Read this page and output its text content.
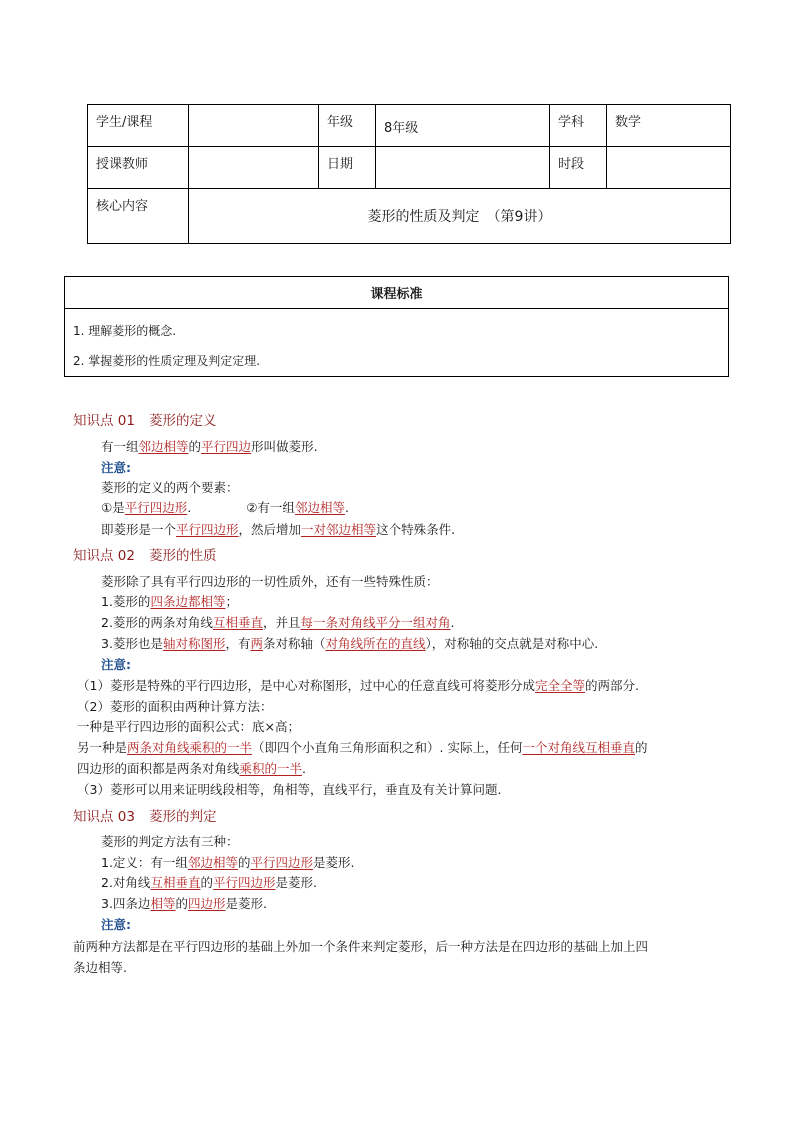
学生/课程		年级	8年级	学科	数学
授课教师		日期		时段	
核心内容	菱形的性质及判定　（第9讲）				
课程标准

1. 理解菱形的概念.
2. 掌握菱形的性质定理及判定定理.
知识点 01 菱形的定义
有一组邻边相等的平行四边形叫做菱形.
注意:
菱形的定义的两个要素：
①是平行四边形.	②有一组邻边相等.
即菱形是一个平行四边形，然后增加一对邻边相等这个特殊条件.
知识点 02 菱形的性质
菱形除了具有平行四边形的一切性质外，还有一些特殊性质：
1.菱形的四条边都相等；
2.菱形的两条对角线互相垂直，并且每一条对角线平分一组对角.
3.菱形也是轴对称图形，有两条对称轴（对角线所在的直线），对称轴的交点就是对称中心.
注意:
（1）菱形是特殊的平行四边形，是中心对称图形，过中心的任意直线可将菱形分成完全全等的两部分.
（2）菱形的面积由两种计算方法：
一种是平行四边形的面积公式：底×高；
另一种是两条对角线乘积的一半（即四个小直角三角形面积之和）. 实际上，任何一个对角线互相垂直的
四边形的面积都是两条对角线乘积的一半.
（3）菱形可以用来证明线段相等，角相等，直线平行，垂直及有关计算问题.
知识点 03 菱形的判定
菱形的判定方法有三种：
1.定义：有一组邻边相等的平行四边形是菱形.
2.对角线互相垂直的平行四边形是菱形.
3.四条边相等的四边形是菱形.
注意:
前两种方法都是在平行四边形的基础上外加一个条件来判定菱形，后一种方法是在四边形的基础上加上四
条边相等.
